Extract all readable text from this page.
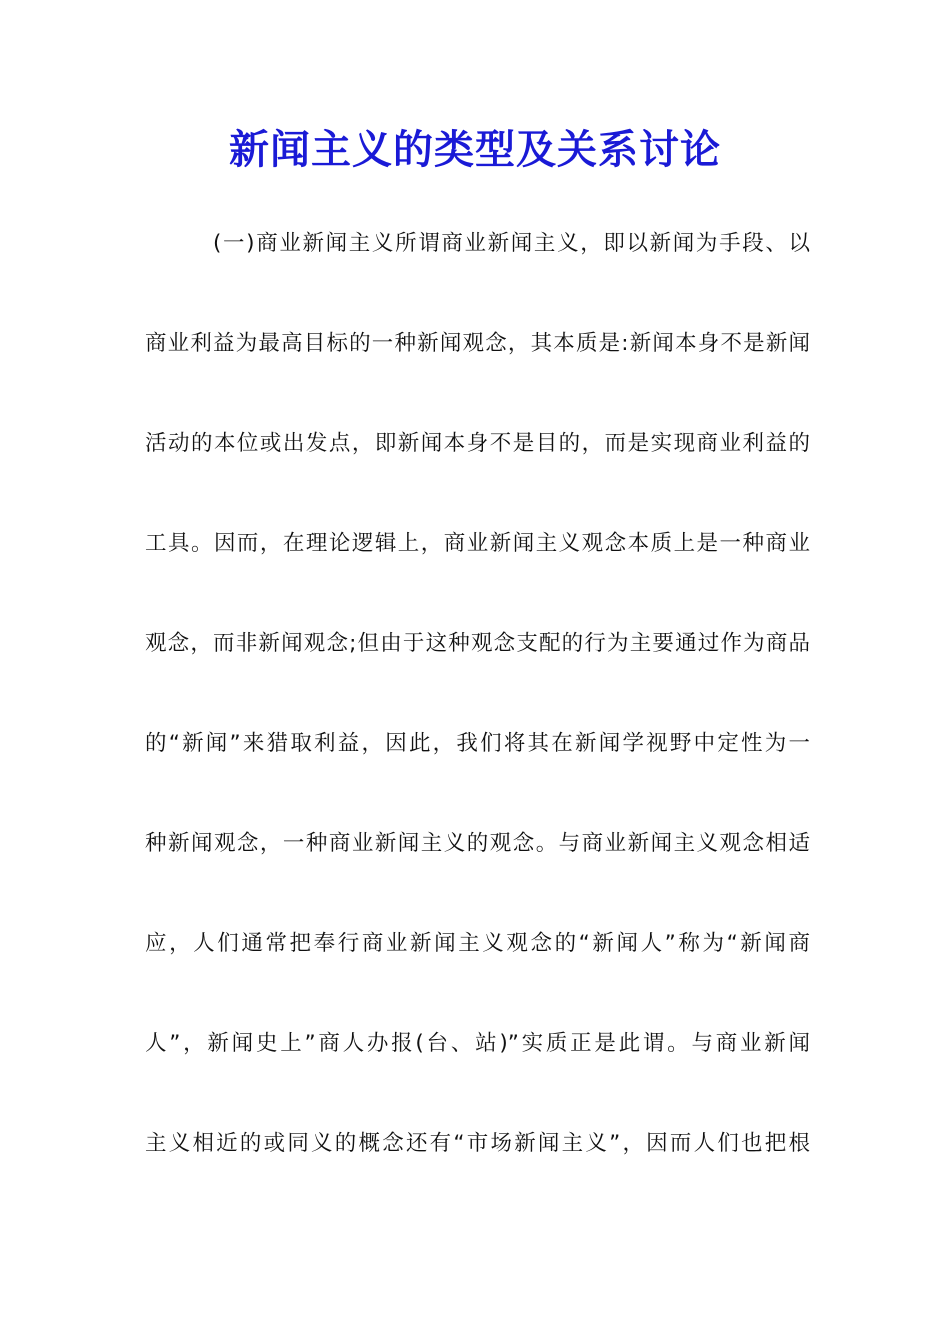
新闻主义的类型及关系讨论
(一)商业新闻主义所谓商业新闻主义，即以新闻为手段、以
商业利益为最高目标的一种新闻观念，其本质是:新闻本身不是新闻
活动的本位或出发点，即新闻本身不是目的，而是实现商业利益的
工具。因而，在理论逻辑上，商业新闻主义观念本质上是一种商业
观念，而非新闻观念;但由于这种观念支配的行为主要通过作为商品
的“新闻”来猎取利益，因此，我们将其在新闻学视野中定性为一
种新闻观念，一种商业新闻主义的观念。与商业新闻主义观念相适
应，人们通常把奉行商业新闻主义观念的“新闻人”称为“新闻商
人”，新闻史上”商人办报(台、站)”实质正是此谓。与商业新闻
主义相近的或同义的概念还有“市场新闻主义”，因而人们也把根
